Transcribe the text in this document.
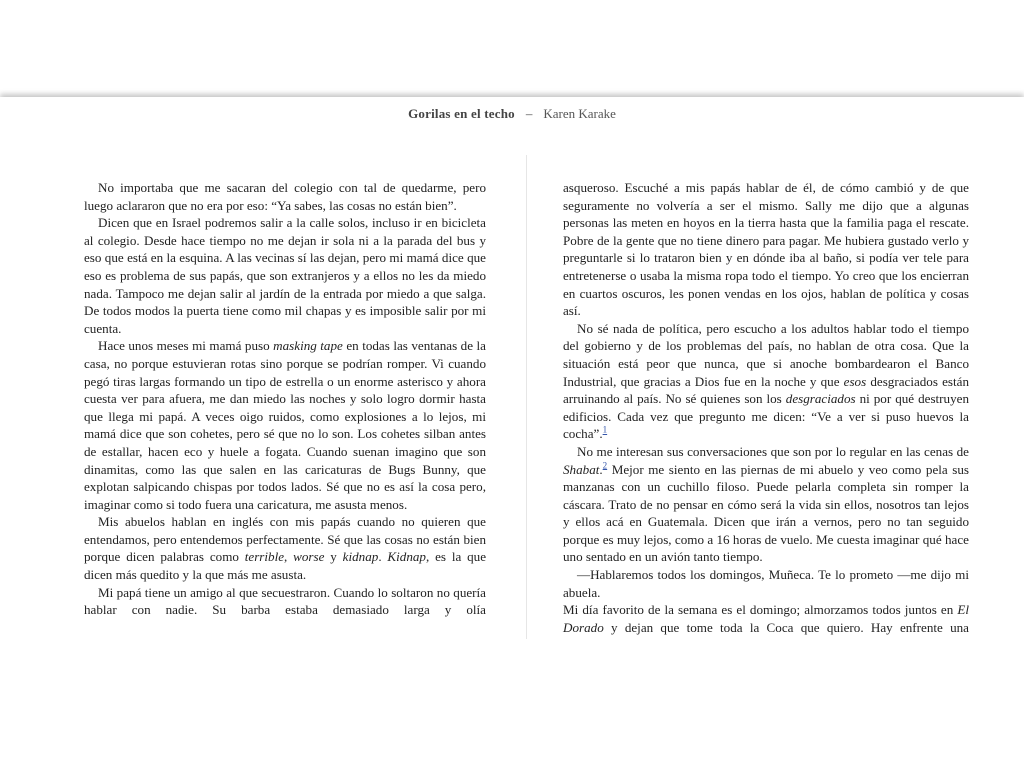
Gorilas en el techo – Karen Karake

No importaba que me sacaran del colegio con tal de quedarme, pero luego aclararon que no era por eso: “Ya sabes, las cosas no están bien”.

Dicen que en Israel podremos salir a la calle solos, incluso ir en bicicleta al colegio. Desde hace tiempo no me dejan ir sola ni a la parada del bus y eso que está en la esquina. A las vecinas sí las dejan, pero mi mamá dice que eso es problema de sus papás, que son extranjeros y a ellos no les da miedo nada. Tampoco me dejan salir al jardín de la entrada por miedo a que salga. De todos modos la puerta tiene como mil chapas y es imposible salir por mi cuenta.

Hace unos meses mi mamá puso masking tape en todas las ventanas de la casa, no porque estuvieran rotas sino porque se podrían romper. Vi cuando pegó tiras largas formando un tipo de estrella o un enorme asterisco y ahora cuesta ver para afuera, me dan miedo las noches y solo logro dormir hasta que llega mi papá. A veces oigo ruidos, como explosiones a lo lejos, mi mamá dice que son cohetes, pero sé que no lo son. Los cohetes silban antes de estallar, hacen eco y huele a fogata. Cuando suenan imagino que son dinamitas, como las que salen en las caricaturas de Bugs Bunny, que explotan salpicando chispas por todos lados. Sé que no es así la cosa pero, imaginar como si todo fuera una caricatura, me asusta menos.

Mis abuelos hablan en inglés con mis papás cuando no quieren que entendamos, pero entendemos perfectamente. Sé que las cosas no están bien porque dicen palabras como terrible, worse y kidnap. Kidnap, es la que dicen más quedito y la que más me asusta.

Mi papá tiene un amigo al que secuestraron. Cuando lo soltaron no quería hablar con nadie. Su barba estaba demasiado larga y olía

asqueroso. Escuché a mis papás hablar de él, de cómo cambió y de que seguramente no volvería a ser el mismo. Sally me dijo que a algunas personas las meten en hoyos en la tierra hasta que la familia paga el rescate. Pobre de la gente que no tiene dinero para pagar. Me hubiera gustado verlo y preguntarle si lo trataron bien y en dónde iba al baño, si podía ver tele para entretenerse o usaba la misma ropa todo el tiempo. Yo creo que los encierran en cuartos oscuros, les ponen vendas en los ojos, hablan de política y cosas así.

No sé nada de política, pero escucho a los adultos hablar todo el tiempo del gobierno y de los problemas del país, no hablan de otra cosa. Que la situación está peor que nunca, que si anoche bombardearon el Banco Industrial, que gracias a Dios fue en la noche y que esos desgraciados están arruinando al país. No sé quienes son los desgraciados ni por qué destruyen edificios. Cada vez que pregunto me dicen: “Ve a ver si puso huevos la cocha”.$^1$

No me interesan sus conversaciones que son por lo regular en las cenas de Shabat.$^2$ Mejor me siento en las piernas de mi abuelo y veo como pela sus manzanas con un cuchillo filoso. Puede pelarla completa sin romper la cáscara. Trato de no pensar en cómo será la vida sin ellos, nosotros tan lejos y ellos acá en Guatemala. Dicen que irán a vernos, pero no tan seguido porque es muy lejos, como a 16 horas de vuelo. Me cuesta imaginar qué hace uno sentado en un avión tanto tiempo.

—Hablaremos todos los domingos, Muñeca. Te lo prometo —me dijo mi abuela.

Mi día favorito de la semana es el domingo; almorzamos todos juntos en El Dorado y dejan que tome toda la Coca que quiero. Hay enfrente una
